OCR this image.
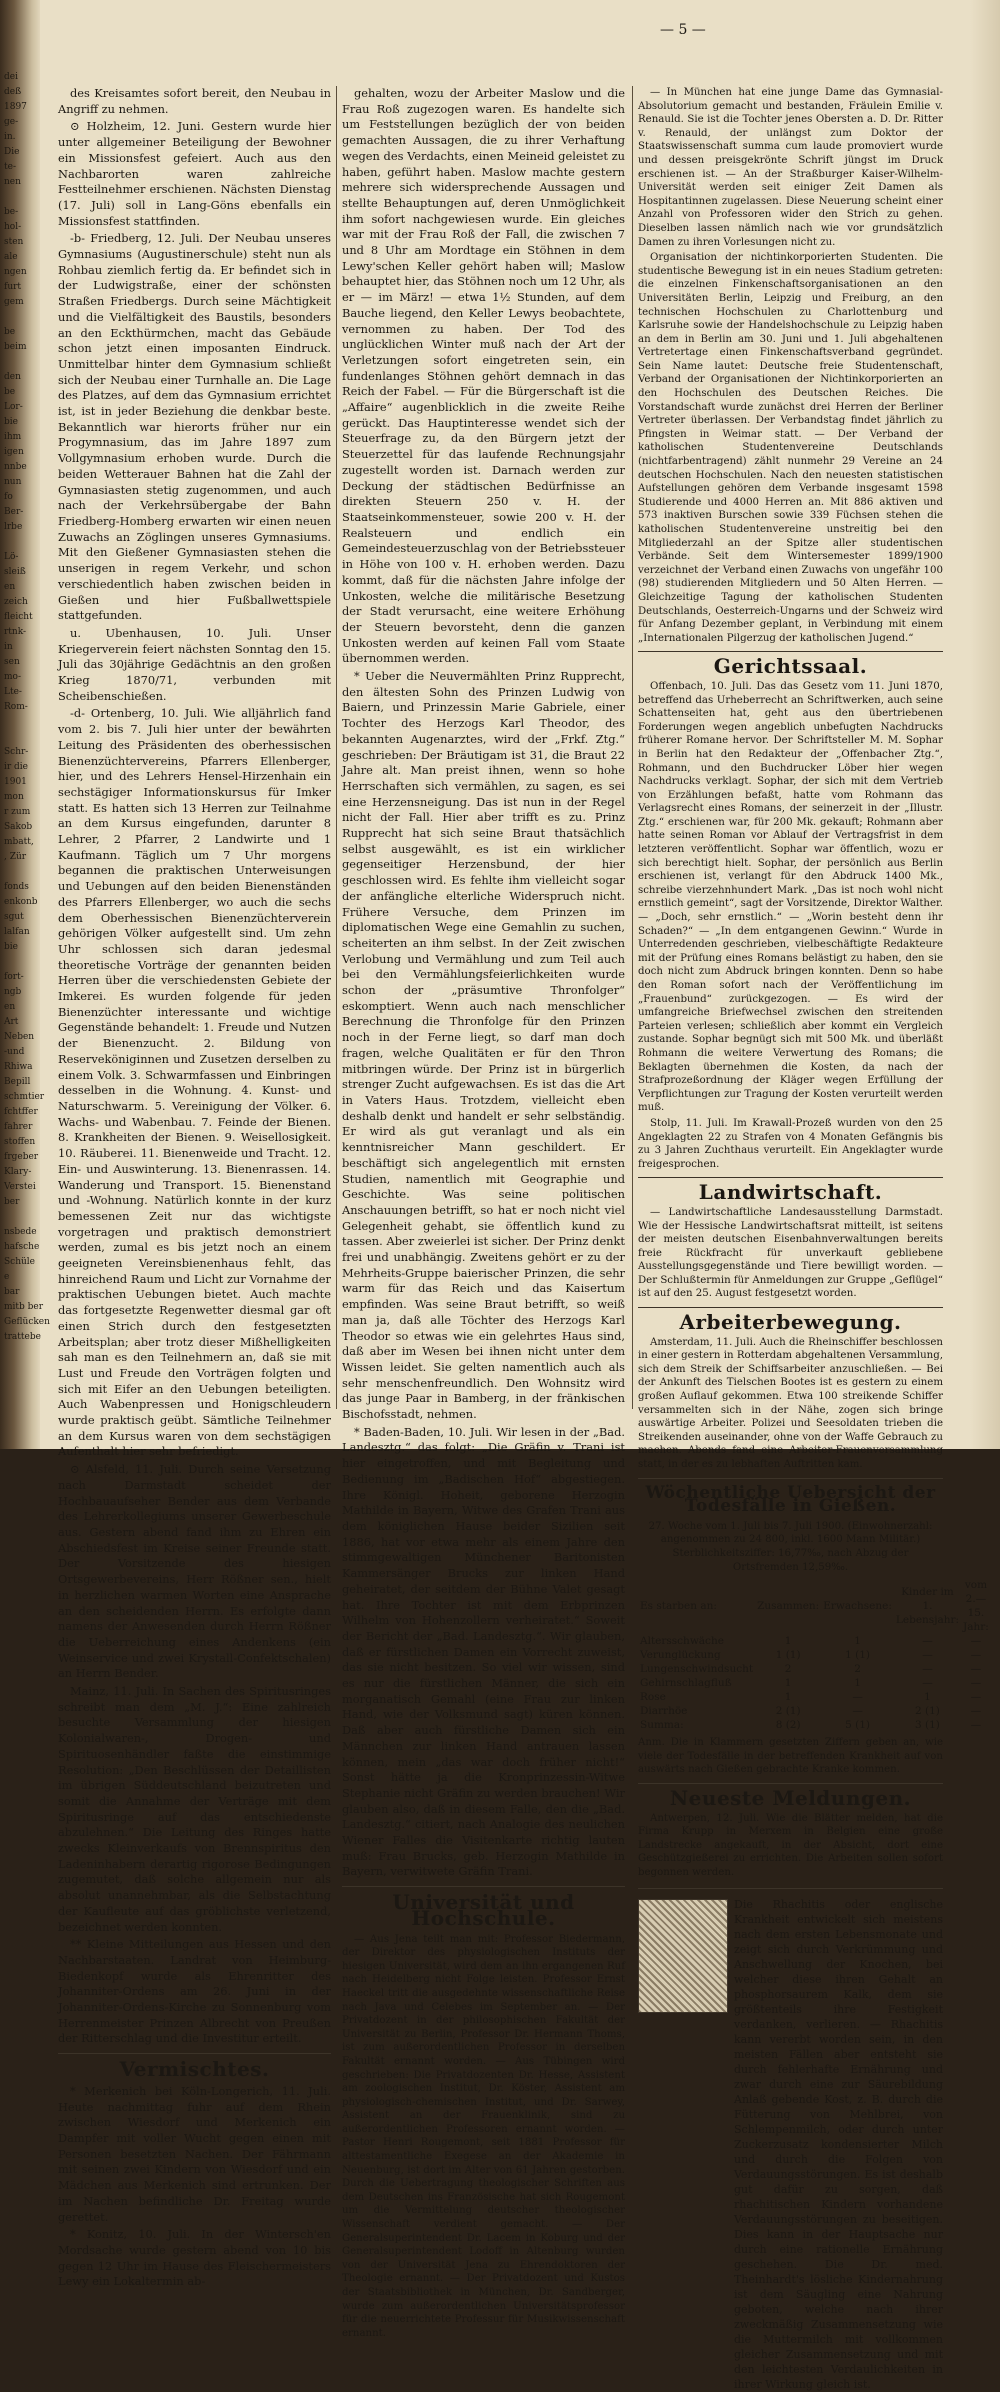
dei
deß
1897
ge-
in.
Die
te-
nen

be-
hol-
sten
ale
ngen
furt
gem

be
beim

den
be
Lor-
bie
ihm
igen
nnbe
nun
fo
Ber-
lrbe

Lö-
sleiß
en
zeich
fleicht
rtnk-
in
sen
mo-
Lte-
Rom-

Schr-
ir die
1901
mon
r zum
Sakob
mbatt,
, Zür

fonds
enkonb
sgut
lalfan
bie

fort-
ngb
en
Art
Neben
-und
Rhiwa
Bepill
schmtier
fchtffer
fahrer
stoffen
frgeber
Klary-
Verstei
ber

nsbede
hafsche
Schüle
e
bar
mitb ber
Geflücken
trattebe
— 5 —

des Kreisamtes sofort bereit, den Neubau in Angriff zu nehmen.

⊙ Holzheim, 12. Juni. Gestern wurde hier unter allgemeiner Beteiligung der Bewohner ein Missionsfest gefeiert. Auch aus den Nachbarorten waren zahlreiche Festteilnehmer erschienen. Nächsten Dienstag (17. Juli) soll in Lang-Göns ebenfalls ein Missionsfest stattfinden.

-b- Friedberg, 12. Juli. Der Neubau unseres Gymnasiums (Augustinerschule) steht nun als Rohbau ziemlich fertig da. Er befindet sich in der Ludwigstraße, einer der schönsten Straßen Friedbergs. Durch seine Mächtigkeit und die Vielfältigkeit des Baustils, besonders an den Eckthürmchen, macht das Gebäude schon jetzt einen imposanten Eindruck. Unmittelbar hinter dem Gymnasium schließt sich der Neubau einer Turnhalle an. Die Lage des Platzes, auf dem das Gymnasium errichtet ist, ist in jeder Beziehung die denkbar beste. Bekanntlich war hierorts früher nur ein Progymnasium, das im Jahre 1897 zum Vollgymnasium erhoben wurde. Durch die beiden Wetterauer Bahnen hat die Zahl der Gymnasiasten stetig zugenommen, und auch nach der Verkehrsübergabe der Bahn Friedberg-Homberg erwarten wir einen neuen Zuwachs an Zöglingen unseres Gymnasiums. Mit den Gießener Gymnasiasten stehen die unserigen in regem Verkehr, und schon verschiedentlich haben zwischen beiden in Gießen und hier Fußballwettspiele stattgefunden.

u. Ubenhausen, 10. Juli. Unser Kriegerverein feiert nächsten Sonntag den 15. Juli das 30jährige Gedächtnis an den großen Krieg 1870/71, verbunden mit Scheibenschießen.

-d- Ortenberg, 10. Juli. Wie alljährlich fand vom 2. bis 7. Juli hier unter der bewährten Leitung des Präsidenten des oberhessischen Bienenzüchtervereins, Pfarrers Ellenberger, hier, und des Lehrers Hensel-Hirzenhain ein sechstägiger Informationskursus für Imker statt. Es hatten sich 13 Herren zur Teilnahme an dem Kursus eingefunden, darunter 8 Lehrer, 2 Pfarrer, 2 Landwirte und 1 Kaufmann. Täglich um 7 Uhr morgens begannen die praktischen Unterweisungen und Uebungen auf den beiden Bienenständen des Pfarrers Ellenberger, wo auch die sechs dem Oberhessischen Bienenzüchterverein gehörigen Völker aufgestellt sind. Um zehn Uhr schlossen sich daran jedesmal theoretische Vorträge der genannten beiden Herren über die verschiedensten Gebiete der Imkerei. Es wurden folgende für jeden Bienenzüchter interessante und wichtige Gegenstände behandelt: 1. Freude und Nutzen der Bienenzucht. 2. Bildung von Reserveköniginnen und Zusetzen derselben zu einem Volk. 3. Schwarmfassen und Einbringen desselben in die Wohnung. 4. Kunst- und Naturschwarm. 5. Vereinigung der Völker. 6. Wachs- und Wabenbau. 7. Feinde der Bienen. 8. Krankheiten der Bienen. 9. Weisellosigkeit. 10. Räuberei. 11. Bienenweide und Tracht. 12. Ein- und Auswinterung. 13. Bienenrassen. 14. Wanderung und Transport. 15. Bienenstand und -Wohnung. Natürlich konnte in der kurz bemessenen Zeit nur das wichtigste vorgetragen und praktisch demonstriert werden, zumal es bis jetzt noch an einem geeigneten Vereinsbienenhaus fehlt, das hinreichend Raum und Licht zur Vornahme der praktischen Uebungen bietet. Auch machte das fortgesetzte Regenwetter diesmal gar oft einen Strich durch den festgesetzten Arbeitsplan; aber trotz dieser Mißhelligkeiten sah man es den Teilnehmern an, daß sie mit Lust und Freude den Vorträgen folgten und sich mit Eifer an den Uebungen beteiligten. Auch Wabenpressen und Honigschleudern wurde praktisch geübt. Sämtliche Teilnehmer an dem Kursus waren von dem sechstägigen Aufenthalt hier sehr befriedigt.

⊙ Alsfeld, 11. Juli. Durch seine Versetzung nach Darmstadt scheidet der Hochbauaufseher Bender aus dem Verbande des Lehrerkollegiums unserer Gewerbeschule aus. Gestern abend fand ihm zu Ehren ein Abschiedsfest im Kreise seiner Freunde statt. Der Vorsitzende des hiesigen Ortsgewerbevereins, Herr Rößner sen., hielt in herzlichen warmen Worten eine Ansprache an den scheidenden Herrn. Es erfolgte dann namens der Anwesenden durch Herrn Rößner die Ueberreichung eines Andenkens (ein Weinservice und zwei Krystall-Confektschalen) an Herrn Bender.

Mainz, 11. Juli. In Sachen des Spiritusringes schreibt man dem „M. J.“: Eine zahlreich besuchte Versammlung der hiesigen Kolonialwaren-, Drogen- und Spirituosenhändler faßte die einstimmige Resolution: „Den Beschlüssen der Detaillisten im übrigen Süddeutschland beizutreten und somit die Annahme der Verträge mit dem Spiritusringe auf das entschiedenste abzulehnen.“ Die Leitung des Ringes hatte zwecks Kleinverkaufs von Brennspiritus den Ladeninhabern derartig rigorose Bedingungen zugemutet, daß solche allgemein nur als absolut unannehmbar, als die Selbstachtung der Kaufleute auf das gröblichste verletzend, bezeichnet werden konnten.

** Kleine Mitteilungen aus Hessen und den Nachbarstaaten. Landrat von Heimburg-Biedenkopf wurde als Ehrenritter des Johanniter-Ordens am 26. Juni in der Johanniter-Ordens-Kirche zu Sonnenburg vom Herrenmeister Prinzen Albrecht von Preußen der Ritterschlag und die Investitur erteilt.

Vermischtes.

* Merkenich bei Köln-Longerich, 11. Juli. Heute nachmittag fuhr auf dem Rhein zwischen Wiesdorf und Merkenich ein Dampfer mit voller Wucht gegen einen mit Personen besetzten Nachen. Der Fährmann mit seinen zwei Kindern von Wiesdorf und ein Mädchen aus Merkenich sind ertrunken. Der im Nachen befindliche Dr. Freitag wurde gerettet.

* Konitz, 10. Juli. In der Wintersch'en Mordsache wurde gestern abend von 10 bis gegen 12 Uhr im Hause des Fleischermeisters Lewy ein Lokaltermin ab-

gehalten, wozu der Arbeiter Maslow und die Frau Roß zugezogen waren. Es handelte sich um Feststellungen bezüglich der von beiden gemachten Aussagen, die zu ihrer Verhaftung wegen des Verdachts, einen Meineid geleistet zu haben, geführt haben. Maslow machte gestern mehrere sich widersprechende Aussagen und stellte Behauptungen auf, deren Unmöglichkeit ihm sofort nachgewiesen wurde. Ein gleiches war mit der Frau Roß der Fall, die zwischen 7 und 8 Uhr am Mordtage ein Stöhnen in dem Lewy'schen Keller gehört haben will; Maslow behauptet hier, das Stöhnen noch um 12 Uhr, als er — im März! — etwa 1½ Stunden, auf dem Bauche liegend, den Keller Lewys beobachtete, vernommen zu haben. Der Tod des unglücklichen Winter muß nach der Art der Verletzungen sofort eingetreten sein, ein fundenlanges Stöhnen gehört demnach in das Reich der Fabel. — Für die Bürgerschaft ist die „Affaire“ augenblicklich in die zweite Reihe gerückt. Das Hauptinteresse wendet sich der Steuerfrage zu, da den Bürgern jetzt der Steuerzettel für das laufende Rechnungsjahr zugestellt worden ist. Darnach werden zur Deckung der städtischen Bedürfnisse an direkten Steuern 250 v. H. der Staatseinkommensteuer, sowie 200 v. H. der Realsteuern und endlich ein Gemeindesteuerzuschlag von der Betriebssteuer in Höhe von 100 v. H. erhoben werden. Dazu kommt, daß für die nächsten Jahre infolge der Unkosten, welche die militärische Besetzung der Stadt verursacht, eine weitere Erhöhung der Steuern bevorsteht, denn die ganzen Unkosten werden auf keinen Fall vom Staate übernommen werden.

* Ueber die Neuvermählten Prinz Rupprecht, den ältesten Sohn des Prinzen Ludwig von Baiern, und Prinzessin Marie Gabriele, einer Tochter des Herzogs Karl Theodor, des bekannten Augenarztes, wird der „Frkf. Ztg.“ geschrieben: Der Bräutigam ist 31, die Braut 22 Jahre alt. Man preist ihnen, wenn so hohe Herrschaften sich vermählen, zu sagen, es sei eine Herzensneigung. Das ist nun in der Regel nicht der Fall. Hier aber trifft es zu. Prinz Rupprecht hat sich seine Braut thatsächlich selbst ausgewählt, es ist ein wirklicher gegenseitiger Herzensbund, der hier geschlossen wird. Es fehlte ihm vielleicht sogar der anfängliche elterliche Widerspruch nicht. Frühere Versuche, dem Prinzen im diplomatischen Wege eine Gemahlin zu suchen, scheiterten an ihm selbst. In der Zeit zwischen Verlobung und Vermählung und zum Teil auch bei den Vermählungsfeierlichkeiten wurde schon der „präsumtive Thronfolger“ eskomptiert. Wenn auch nach menschlicher Berechnung die Thronfolge für den Prinzen noch in der Ferne liegt, so darf man doch fragen, welche Qualitäten er für den Thron mitbringen würde. Der Prinz ist in bürgerlich strenger Zucht aufgewachsen. Es ist das die Art in Vaters Haus. Trotzdem, vielleicht eben deshalb denkt und handelt er sehr selbständig. Er wird als gut veranlagt und als ein kenntnisreicher Mann geschildert. Er beschäftigt sich angelegentlich mit ernsten Studien, namentlich mit Geographie und Geschichte. Was seine politischen Anschauungen betrifft, so hat er noch nicht viel Gelegenheit gehabt, sie öffentlich kund zu tassen. Aber zweierlei ist sicher. Der Prinz denkt frei und unabhängig. Zweitens gehört er zu der Mehrheits-Gruppe baierischer Prinzen, die sehr warm für das Reich und das Kaisertum empfinden. Was seine Braut betrifft, so weiß man ja, daß alle Töchter des Herzogs Karl Theodor so etwas wie ein gelehrtes Haus sind, daß aber im Wesen bei ihnen nicht unter dem Wissen leidet. Sie gelten namentlich auch als sehr menschenfreundlich. Den Wohnsitz wird das junge Paar in Bamberg, in der fränkischen Bischofsstadt, nehmen.

* Baden-Baden, 10. Juli. Wir lesen in der „Bad. Landesztg.“ das folgt: „Die Gräfin v. Trani ist hier eingetroffen, und mit Begleitung und Bedienung im „Badischen Hof“ abgestiegen. Ihre Königl. Hoheit, geborene Herzogin Mathilde in Bayern, Witwe des Grafen Trani aus dem königlichen Hause beider Sizilien seit 1886, hat vor etwa mehr als einem Jahre den stimmgewaltigen Münchener Baritonisten Kammersänger Brucks zur linken Hand geheiratet, der seitdem der Bühne Valet gesagt hat. Ihre Tochter ist mit dem Erbprinzen Wilhelm von Hohenzollern verheiratet.“ Soweit der Bericht der „Bad. Landesztg.“. Wir glauben, daß er fürstlichen Damen ein Vorrecht zuweist, das sie nicht besitzen. So viel wir wissen, sind es nur die fürstlichen Männer, die sich ein morganatisch Gemahl (eine Frau zur linken Hand, wie der Volksmund sagt) küren können. Daß aber auch fürstliche Damen sich ein Männchen zur linken Hand antrauen lassen können, mein „das war doch früher nicht!“ Sonst hätte ja die Kronprinzessin-Witwe Stephanie nicht Gräfin zu werden brauchen! Wir glauben also, daß in diesem Falle, den die „Bad. Landesztg.“ citiert, nach Analogie des neulichen Wiener Falles die Visitenkarte richtig lauten muß: Frau Brucks, geb. Herzogin Mathilde in Bayern, verwitwete Gräfin Trani.

Universität und Hochschule.

— Aus Jena teilt man mit: Professor Biedermann, der Direktor des physiologischen Instituts der hiesigen Universität, wird dem an ihn ergangenen Ruf nach Heidelberg nicht Folge leisten. Professor Ernst Haeckel tritt die ausgedehnte wissenschaftliche Reise nach Java und Celebes im September an. — Der Privatdozent in der philosophischen Fakultät der Universität zu Berlin, Professor Dr. Hermann Thoms, ist zum außerordentlichen Professor in derselben Fakultät ernannt worden. — Aus Tübingen wird geschrieben: Die Privatdozenten Dr. Hesse, Assistent am zoologischen Institut, Dr. Köster, Assistent am physiologisch-chemischen Institut, und Dr. Sarwey, Assistent an der Frauenklinik, sind zu außerordentlichen Professoren ernannt worden. — Pastor Henri Rougemont, seit 1881 Professor für alttestamentliche Exegese an der Akademie in Neuenburg, ist dort im Alter von 61 Jahren gestorben. Durch die Uebertragung theologischer Schriften aus dem Deutschen ins Französische hat sich Rougemont um die Vermittelung deutscher theologischer Wissenschaft verdient gemacht. — Der Generalsuperintendent Dr. Lacem in Koburg und der Generalsuperintendent Lodoff in Altenburg wurden von der Universität Jena zu Ehrendoktoren der Theologie ernannt. — Der Privatdozent und Kustos der Staatsbibliothek in München, Dr. Sandberger, wurde zum außerordentlichen Universitätsprofessor für die neuerrichtete Professur für Musikwissenschaft ernannt.

— In München hat eine junge Dame das Gymnasial-Absolutorium gemacht und bestanden, Fräulein Emilie v. Renauld. Sie ist die Tochter jenes Obersten a. D. Dr. Ritter v. Renauld, der unlängst zum Doktor der Staatswissenschaft summa cum laude promoviert wurde und dessen preisgekrönte Schrift jüngst im Druck erschienen ist. — An der Straßburger Kaiser-Wilhelm-Universität werden seit einiger Zeit Damen als Hospitantinnen zugelassen. Diese Neuerung scheint einer Anzahl von Professoren wider den Strich zu gehen. Dieselben lassen nämlich nach wie vor grundsätzlich Damen zu ihren Vorlesungen nicht zu.

Organisation der nichtinkorporierten Studenten. Die studentische Bewegung ist in ein neues Stadium getreten: die einzelnen Finkenschaftsorganisationen an den Universitäten Berlin, Leipzig und Freiburg, an den technischen Hochschulen zu Charlottenburg und Karlsruhe sowie der Handelshochschule zu Leipzig haben an dem in Berlin am 30. Juni und 1. Juli abgehaltenen Vertretertage einen Finkenschaftsverband gegründet. Sein Name lautet: Deutsche freie Studentenschaft, Verband der Organisationen der Nichtinkorporierten an den Hochschulen des Deutschen Reiches. Die Vorstandschaft wurde zunächst drei Herren der Berliner Vertreter überlassen. Der Verbandstag findet jährlich zu Pfingsten in Weimar statt. — Der Verband der katholischen Studentenvereine Deutschlands (nichtfarbentragend) zählt nunmehr 29 Vereine an 24 deutschen Hochschulen. Nach den neuesten statistischen Aufstellungen gehören dem Verbande insgesamt 1598 Studierende und 4000 Herren an. Mit 886 aktiven und 573 inaktiven Burschen sowie 339 Füchsen stehen die katholischen Studentenvereine unstreitig bei den Mitgliederzahl an der Spitze aller studentischen Verbände. Seit dem Wintersemester 1899/1900 verzeichnet der Verband einen Zuwachs von ungefähr 100 (98) studierenden Mitgliedern und 50 Alten Herren. — Gleichzeitige Tagung der katholischen Studenten Deutschlands, Oesterreich-Ungarns und der Schweiz wird für Anfang Dezember geplant, in Verbindung mit einem „Internationalen Pilgerzug der katholischen Jugend.“

Gerichtssaal.

Offenbach, 10. Juli. Das das Gesetz vom 11. Juni 1870, betreffend das Urheberrecht an Schriftwerken, auch seine Schattenseiten hat, geht aus den übertriebenen Forderungen wegen angeblich unbefugten Nachdrucks früherer Romane hervor. Der Schriftsteller M. M. Sophar in Berlin hat den Redakteur der „Offenbacher Ztg.“, Rohmann, und den Buchdrucker Löber hier wegen Nachdrucks verklagt. Sophar, der sich mit dem Vertrieb von Erzählungen befaßt, hatte vom Rohmann das Verlagsrecht eines Romans, der seinerzeit in der „Illustr. Ztg.“ erschienen war, für 200 Mk. gekauft; Rohmann aber hatte seinen Roman vor Ablauf der Vertragsfrist in dem letzteren veröffentlicht. Sophar war öffentlich, wozu er sich berechtigt hielt. Sophar, der persönlich aus Berlin erschienen ist, verlangt für den Abdruck 1400 Mk., schreibe vierzehnhundert Mark. „Das ist noch wohl nicht ernstlich gemeint“, sagt der Vorsitzende, Direktor Walther. — „Doch, sehr ernstlich.“ — „Worin besteht denn ihr Schaden?“ — „In dem entgangenen Gewinn.“ Wurde in Unterredenden geschrieben, vielbeschäftigte Redakteure mit der Prüfung eines Romans belästigt zu haben, den sie doch nicht zum Abdruck bringen konnten. Denn so habe den Roman sofort nach der Veröffentlichung im „Frauenbund“ zurückgezogen. — Es wird der umfangreiche Briefwechsel zwischen den streitenden Parteien verlesen; schließlich aber kommt ein Vergleich zustande. Sophar begnügt sich mit 500 Mk. und überläßt Rohmann die weitere Verwertung des Romans; die Beklagten übernehmen die Kosten, da nach der Strafprozeßordnung der Kläger wegen Erfüllung der Verpflichtungen zur Tragung der Kosten verurteilt werden muß.

Stolp, 11. Juli. Im Krawall-Prozeß wurden von den 25 Angeklagten 22 zu Strafen von 4 Monaten Gefängnis bis zu 3 Jahren Zuchthaus verurteilt. Ein Angeklagter wurde freigesprochen.

Landwirtschaft.

— Landwirtschaftliche Landesausstellung Darmstadt. Wie der Hessische Landwirtschaftsrat mitteilt, ist seitens der meisten deutschen Eisenbahnverwaltungen bereits freie Rückfracht für unverkauft gebliebene Ausstellungsgegenstände und Tiere bewilligt worden. — Der Schlußtermin für Anmeldungen zur Gruppe „Geflügel“ ist auf den 25. August festgesetzt worden.

Arbeiterbewegung.

Amsterdam, 11. Juli. Auch die Rheinschiffer beschlossen in einer gestern in Rotterdam abgehaltenen Versammlung, sich dem Streik der Schiffsarbeiter anzuschließen. — Bei der Ankunft des Tielschen Bootes ist es gestern zu einem großen Auflauf gekommen. Etwa 100 streikende Schiffer versammelten sich in der Nähe, zogen sich bringe auswärtige Arbeiter. Polizei und Seesoldaten trieben die Streikenden auseinander, ohne von der Waffe Gebrauch zu machen. Abends fand eine Arbeiter-Frauenversammlung statt, in der es zu lebhaften Auftritten kam.

Wöchentliche Uebersicht der Todesfälle in Gießen.
27. Woche vom 1. Juli bis 7. Juli 1900. (Einwohnerzahl: angenommen zu 24 800, inkl. 1600 Mann Militär.) Sterblichkeitsziffer: 16,77‰, nach Abzug der Ortsfremden 12,59‰.
Es starben an:	Zusammen:	Erwachsene:	Kinder im 1. Lebensjahr:	vom 2.—15. Jahr:
Altersschwäche	1	1	—	—
Verunglückung	1 (1)	1 (1)	—	—
Lungenschwindsucht	2	2	—	—
Gehirnschlagfluß	1	1	—	—
Rose	1	—	1	—
Diarrhöe	2 (1)	—	2 (1)	—
Summa:	8 (2)	5 (1)	3 (1)	—
Anm. Die in Klammern gesetzten Ziffern geben an, wie viele der Todesfälle in der betreffenden Krankheit auf von auswärts nach Gießen gebrachte Kranke kommen.
Neueste Meldungen.

Antwerpen, 12. Juli. Wie die Blätter melden, hat die Firma Krupp in Merxem in Belgien eine große Landstrecke angekauft, in der Absicht, dort eine Geschützgießerei zu errichten. Die Arbeiten sollen sofort begonnen werden.

Die Rhachitis oder englische Krankheit entwickelt sich meistens nach dem ersten Lebensmonate und zeigt sich durch Verkrümmung und Anschwellung der Knochen, bei welcher diese ihren Gehalt an phosphorsaurem Kalk, dem sie größtenteils ihre Festigkeit verdanken, verlieren. — Rhachitis kann vererbt worden sein, in den meisten Fällen aber entsteht sie durch fehlerhafte Ernährung und zwar durch eine zur Säurebildung Anlaß gebende Kost, z. B. durch die Fütterung von Mehlbrei, von Schlempenmilch, oder durch unter Zuckerzusatz kondensierter Milch und durch die Folgen von Verdauungsstörungen. Es ist deshalb gut dafür zu sorgen, daß rhachitischen Kindern vorhandene Verdauungsstörungen zu beseitigen. Dies kann in der Hauptsache nur durch eine rationelle Ernährung geschehen. Die Dr. med. Theinhardt's lösliche Kindernahrung ist dem Säugling eine Nahrung geboten, welche nach ihrer zweckmäßig Zusammensetzung wie die Muttermilch mit vollkommen gleicher Zusammensetzung und mit den leichtesten Verdaulichkeiten in ihrer Wirkung gleich ist.
